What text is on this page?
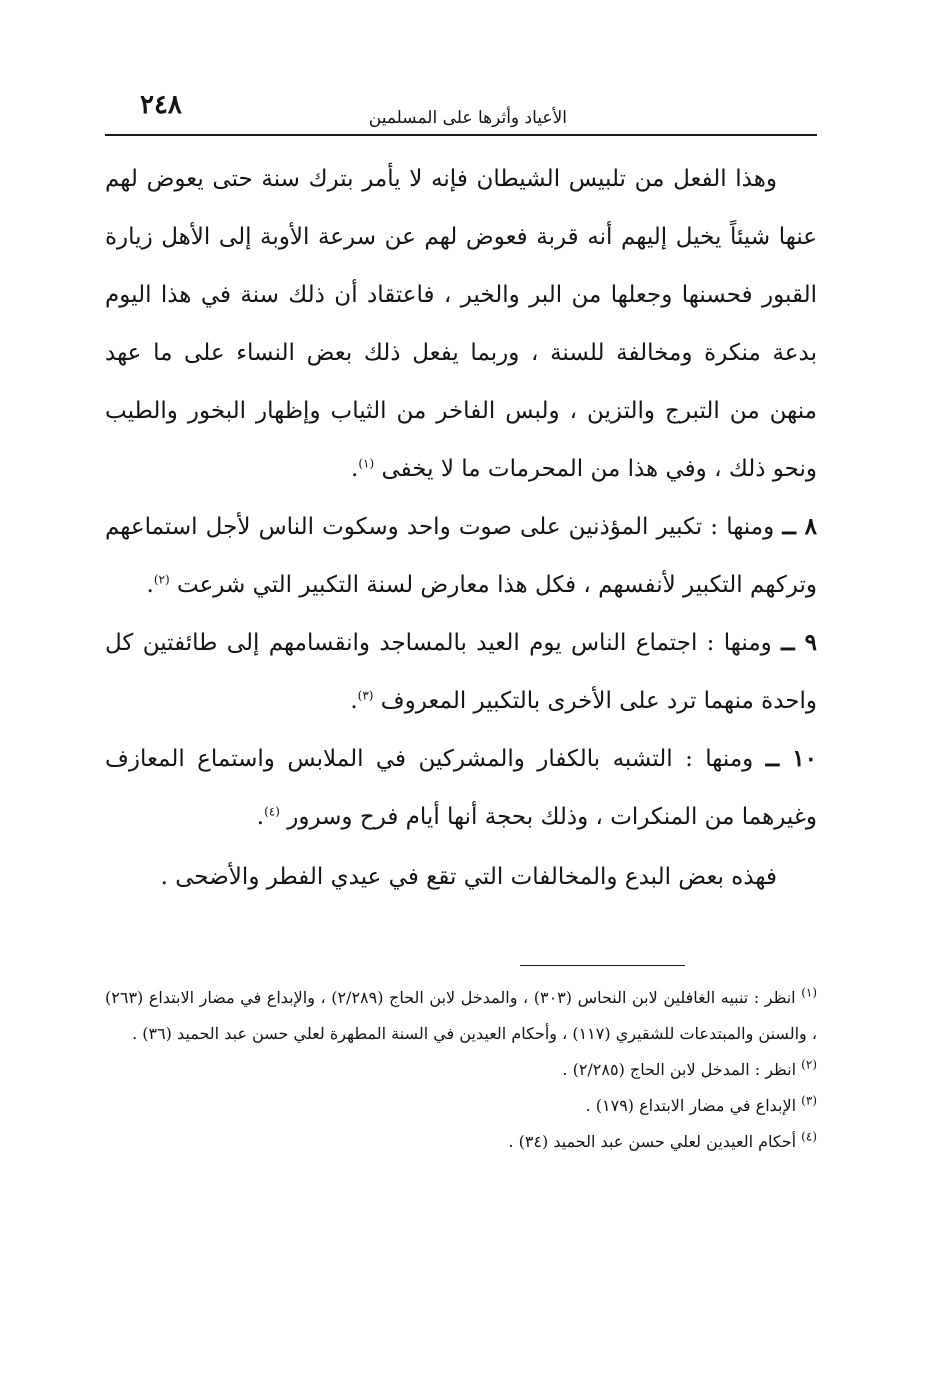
٢٤٨	الأعياد وأثرها على المسلمين

وهذا الفعل من تلبيس الشيطان فإنه لا يأمر بترك سنة حتى يعوض لهم عنها شيئاً يخيل إليهم أنه قربة فعوض لهم عن سرعة الأوبة إلى الأهل زيارة القبور فحسنها وجعلها من البر والخير ، فاعتقاد أن ذلك سنة في هذا اليوم بدعة منكرة ومخالفة للسنة ، وربما يفعل ذلك بعض النساء على ما عهد منهن من التبرج والتزين ، ولبس الفاخر من الثياب وإظهار البخور والطيب ونحو ذلك ، وفي هذا من المحرمات ما لا يخفى $^{(١)}$.

٨ ــ ومنها : تكبير المؤذنين على صوت واحد وسكوت الناس لأجل استماعهم وتركهم التكبير لأنفسهم ، فكل هذا معارض لسنة التكبير التي شرعت $^{(٢)}$.

٩ ــ ومنها : اجتماع الناس يوم العيد بالمساجد وانقسامهم إلى طائفتين كل واحدة منهما ترد على الأخرى بالتكبير المعروف $^{(٣)}$.

١٠ ــ ومنها : التشبه بالكفار والمشركين في الملابس واستماع المعازف وغيرهما من المنكرات ، وذلك بحجة أنها أيام فرح وسرور $^{(٤)}$.

فهذه بعض البدع والمخالفات التي تقع في عيدي الفطر والأضحى .

$^{(١)}$ انظر : تنبيه الغافلين لابن النحاس (٣٠٣) ، والمدخل لابن الحاج (٢/٢٨٩) ، والإبداع في مضار الابتداع (٢٦٣) ، والسنن والمبتدعات للشقيري (١١٧) ، وأحكام العيدين في السنة المطهرة لعلي حسن عبد الحميد (٣٦) .

$^{(٢)}$ انظر : المدخل لابن الحاج (٢/٢٨٥) .

$^{(٣)}$ الإبداع في مضار الابتداع (١٧٩) .

$^{(٤)}$ أحكام العيدين لعلي حسن عبد الحميد (٣٤) .
